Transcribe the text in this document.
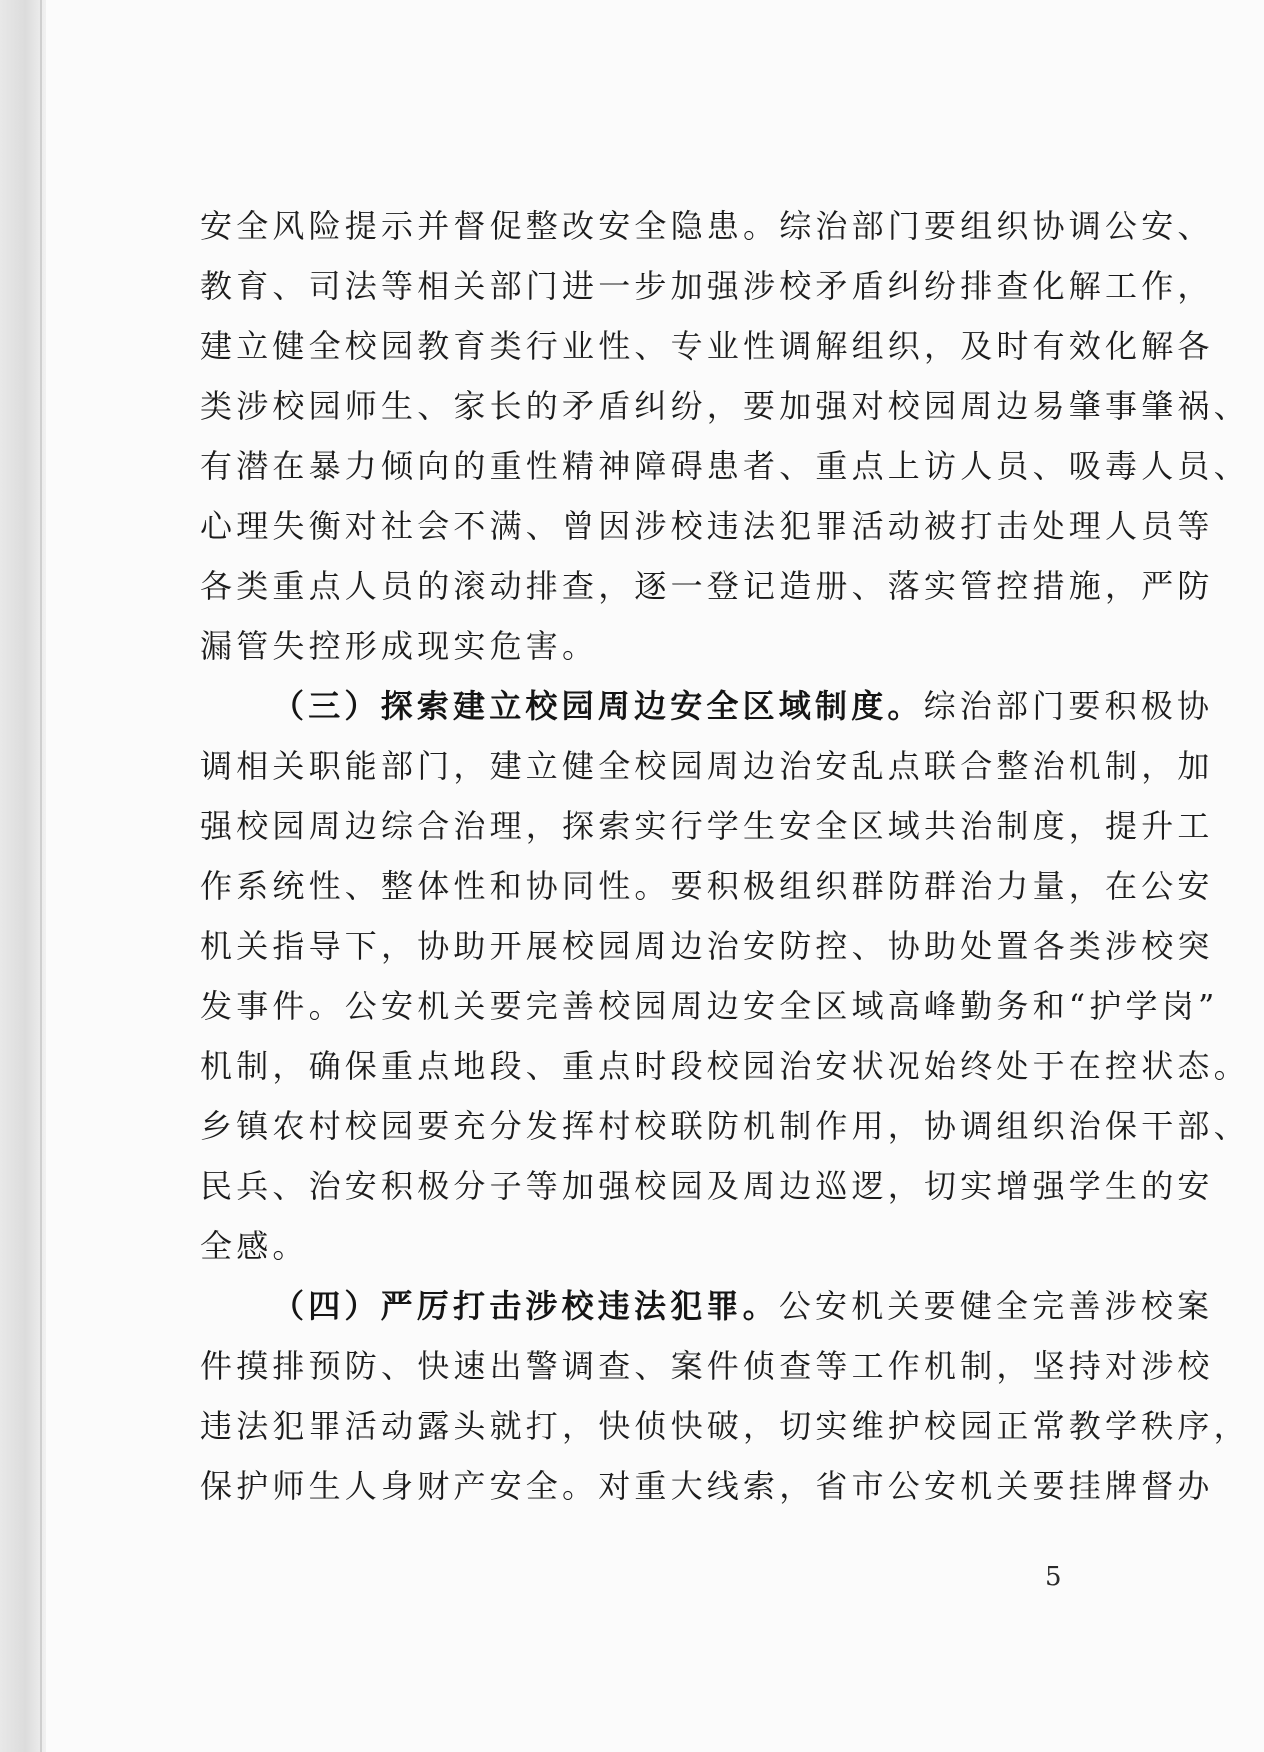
安全风险提示并督促整改安全隐患。综治部门要组织协调公安、
教育、司法等相关部门进一步加强涉校矛盾纠纷排查化解工作，
建立健全校园教育类行业性、专业性调解组织，及时有效化解各
类涉校园师生、家长的矛盾纠纷，要加强对校园周边易肇事肇祸、
有潜在暴力倾向的重性精神障碍患者、重点上访人员、吸毒人员、
心理失衡对社会不满、曾因涉校违法犯罪活动被打击处理人员等
各类重点人员的滚动排查，逐一登记造册、落实管控措施，严防
漏管失控形成现实危害。
（三）探索建立校园周边安全区域制度。综治部门要积极协
调相关职能部门，建立健全校园周边治安乱点联合整治机制，加
强校园周边综合治理，探索实行学生安全区域共治制度，提升工
作系统性、整体性和协同性。要积极组织群防群治力量，在公安
机关指导下，协助开展校园周边治安防控、协助处置各类涉校突
发事件。公安机关要完善校园周边安全区域高峰勤务和“护学岗”
机制，确保重点地段、重点时段校园治安状况始终处于在控状态。
乡镇农村校园要充分发挥村校联防机制作用，协调组织治保干部、
民兵、治安积极分子等加强校园及周边巡逻，切实增强学生的安
全感。
（四）严厉打击涉校违法犯罪。公安机关要健全完善涉校案
件摸排预防、快速出警调查、案件侦查等工作机制，坚持对涉校
违法犯罪活动露头就打，快侦快破，切实维护校园正常教学秩序，
保护师生人身财产安全。对重大线索，省市公安机关要挂牌督办
5
